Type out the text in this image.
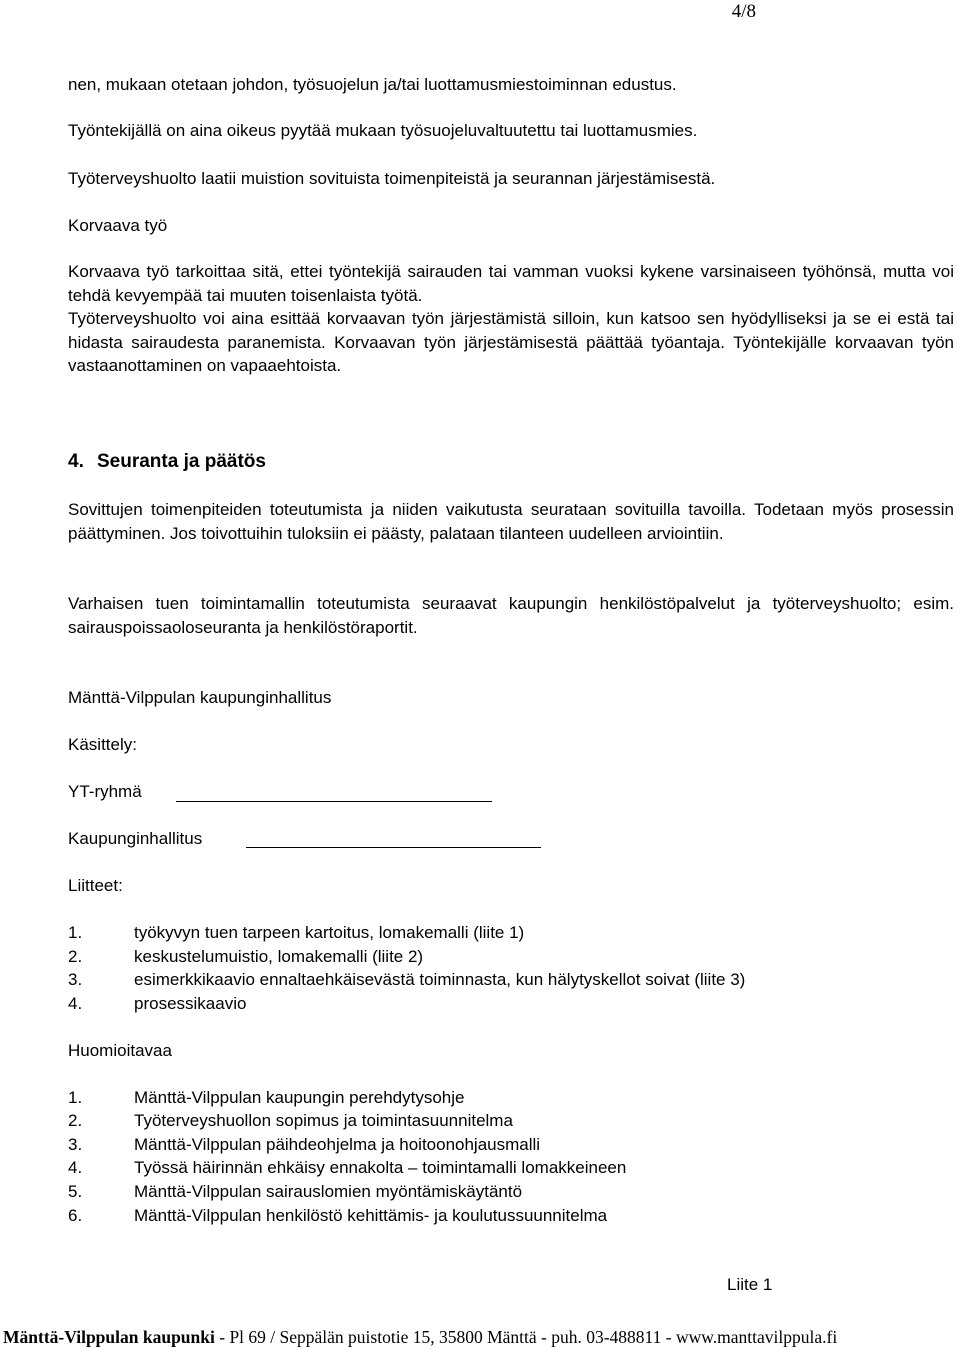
4/8
nen, mukaan otetaan johdon, työsuojelun ja/tai luottamusmiestoiminnan edustus.
Työntekijällä on aina oikeus pyytää mukaan työsuojeluvaltuutettu tai luottamusmies.
Työterveyshuolto laatii muistion sovituista toimenpiteistä ja seurannan järjestämisestä.
Korvaava työ
Korvaava työ tarkoittaa sitä, ettei työntekijä sairauden tai vamman vuoksi kykene varsinaiseen työhönsä, mutta voi tehdä kevyempää tai muuten toisenlaista työtä.
Työterveyshuolto voi aina esittää korvaavan työn järjestämistä silloin, kun katsoo sen hyödylliseksi ja se ei estä tai hidasta sairaudesta paranemista. Korvaavan työn järjestämisestä päättää työantaja. Työntekijälle korvaavan työn vastaanottaminen on vapaaehtoista.
4. Seuranta ja päätös
Sovittujen toimenpiteiden toteutumista ja niiden vaikutusta seurataan sovituilla tavoilla. Todetaan myös prosessin päättyminen. Jos toivottuihin tuloksiin ei päästy, palataan tilanteen uudelleen arviointiin.
Varhaisen tuen toimintamallin toteutumista seuraavat kaupungin henkilöstöpalvelut ja työterveyshuolto; esim. sairauspoissaoloseuranta ja henkilöstöraportit.
Mänttä-Vilppulan kaupunginhallitus
Käsittely:
YT-ryhmä
Kaupunginhallitus
Liitteet:
1.	työkyvyn tuen tarpeen kartoitus, lomakemalli (liite 1)
2.	keskustelumuistio, lomakemalli (liite 2)
3.	esimerkkikaavio ennaltaehkäisevästä toiminnasta, kun hälytyskellot soivat (liite 3)
4.	prosessikaavio
Huomioitavaa
1.	Mänttä-Vilppulan kaupungin perehdytysohje
2.	Työterveyshuollon sopimus ja toimintasuunnitelma
3.	Mänttä-Vilppulan päihdeohjelma ja hoitoonohjausmalli
4.	Työssä häirinnän ehkäisy ennakolta – toimintamalli lomakkeineen
5.	Mänttä-Vilppulan sairauslomien myöntämiskäytäntö
6.	Mänttä-Vilppulan henkilöstö kehittämis- ja koulutussuunnitelma
Liite 1
Mänttä-Vilppulan kaupunki - Pl 69 / Seppälän puistotie 15, 35800 Mänttä - puh. 03-488811 - www.manttavilppula.fi
